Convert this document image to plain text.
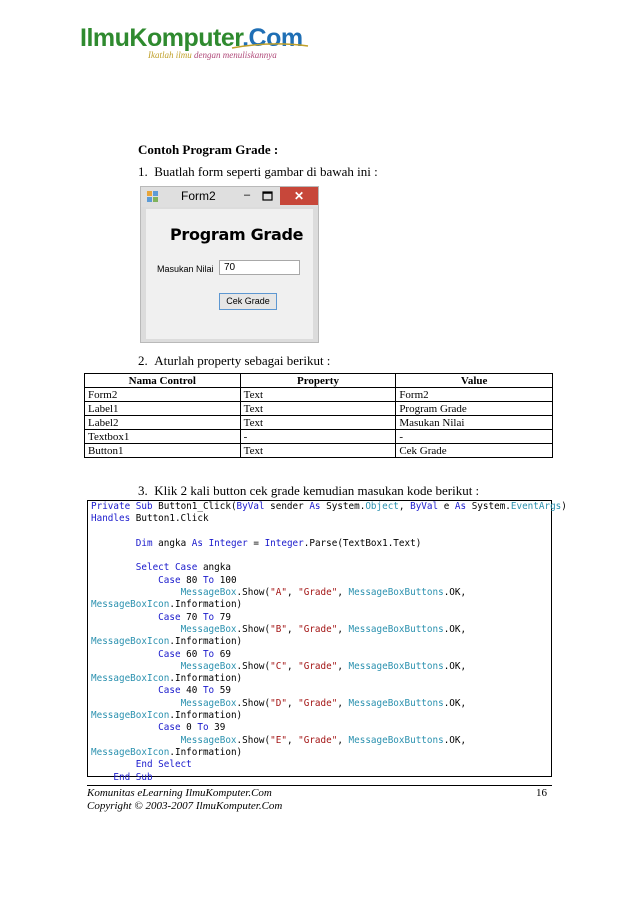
IlmuKomputer.Com
Ikatlah ilmu dengan menuliskannya
Contoh Program Grade :
1. Buatlah form seperti gambar di bawah ini :
Form2	–	✕
Program Grade
Masukan Nilai	70
Cek Grade
2. Aturlah property sebagai berikut :
Nama Control	Property	Value
Form2	Text	Form2
Label1	Text	Program Grade
Label2	Text	Masukan Nilai
Textbox1	-	-
Button1	Text	Cek Grade
3. Klik 2 kali button cek grade kemudian masukan kode berikut :
Private Sub Button1_Click(ByVal sender As System.Object, ByVal e As System.EventArgs)
Handles Button1.Click
Dim angka As Integer = Integer.Parse(TextBox1.Text)
Select Case angka
Case 80 To 100
MessageBox.Show("A", "Grade", MessageBoxButtons.OK,
MessageBoxIcon.Information)
Case 70 To 79
MessageBox.Show("B", "Grade", MessageBoxButtons.OK,
MessageBoxIcon.Information)
Case 60 To 69
MessageBox.Show("C", "Grade", MessageBoxButtons.OK,
MessageBoxIcon.Information)
Case 40 To 59
MessageBox.Show("D", "Grade", MessageBoxButtons.OK,
MessageBoxIcon.Information)
Case 0 To 39
MessageBox.Show("E", "Grade", MessageBoxButtons.OK,
MessageBoxIcon.Information)
End Select
End Sub
Komunitas eLearning IlmuKomputer.Com
Copyright © 2003-2007 IlmuKomputer.Com
16
